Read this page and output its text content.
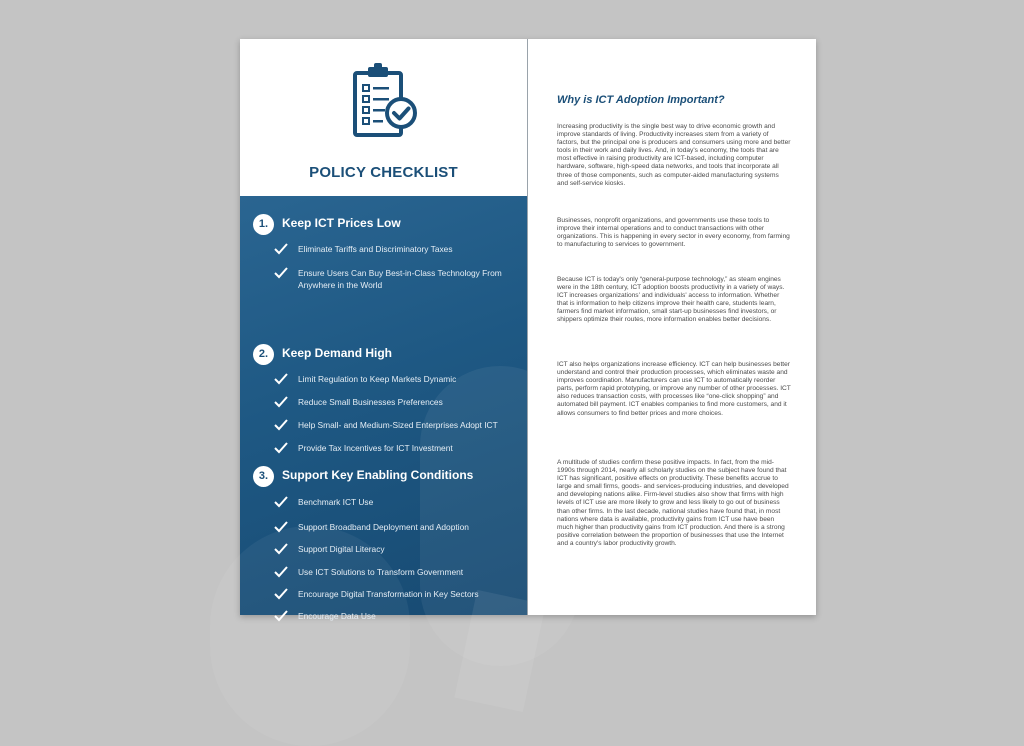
POLICY CHECKLIST
1.	Keep ICT Prices Low
Eliminate Tariffs and Discriminatory Taxes
Ensure Users Can Buy Best-in-Class Technology From Anywhere in the World
2.	Keep Demand High
Limit Regulation to Keep Markets Dynamic
Reduce Small Businesses Preferences
Help Small- and Medium-Sized Enterprises Adopt ICT
Provide Tax Incentives for ICT Investment
3.	Support Key Enabling Conditions
Benchmark ICT Use
Support Broadband Deployment and Adoption
Support Digital Literacy
Use ICT Solutions to Transform Government
Encourage Digital Transformation in Key Sectors
Encourage Data Use
Why is ICT Adoption Important?

Increasing productivity is the single best way to drive economic growth and improve standards of living. Productivity increases stem from a variety of factors, but the principal one is producers and consumers using more and better tools in their work and daily lives. And, in today's economy, the tools that are most effective in raising productivity are ICT-based, including computer hardware, software, high-speed data networks, and tools that incorporate all three of those components, such as computer-aided manufacturing systems and self-service kiosks.

Businesses, nonprofit organizations, and governments use these tools to improve their internal operations and to conduct transactions with other organizations. This is happening in every sector in every economy, from farming to manufacturing to services to government.

Because ICT is today's only “general-purpose technology,” as steam engines were in the 18th century, ICT adoption boosts productivity in a variety of ways. ICT increases organizations' and individuals' access to information. Whether that is information to help citizens improve their health care, students learn, farmers find market information, small start-up businesses find investors, or shippers optimize their routes, more information enables better decisions.

ICT also helps organizations increase efficiency. ICT can help businesses better understand and control their production processes, which eliminates waste and improves coordination. Manufacturers can use ICT to automatically reorder parts, perform rapid prototyping, or improve any number of other processes. ICT also reduces transaction costs, with processes like “one-click shopping” and automated bill payment. ICT enables companies to find more customers, and it allows consumers to find better prices and more choices.

A multitude of studies confirm these positive impacts. In fact, from the mid-1990s through 2014, nearly all scholarly studies on the subject have found that ICT has significant, positive effects on productivity. These benefits accrue to large and small firms, goods- and services-producing industries, and developed and developing nations alike. Firm-level studies also show that firms with high levels of ICT use are more likely to grow and less likely to go out of business than other firms. In the last decade, national studies have found that, in most nations where data is available, productivity gains from ICT use have been much higher than productivity gains from ICT production. And there is a strong positive correlation between the proportion of businesses that use the Internet and a country's labor productivity growth.
